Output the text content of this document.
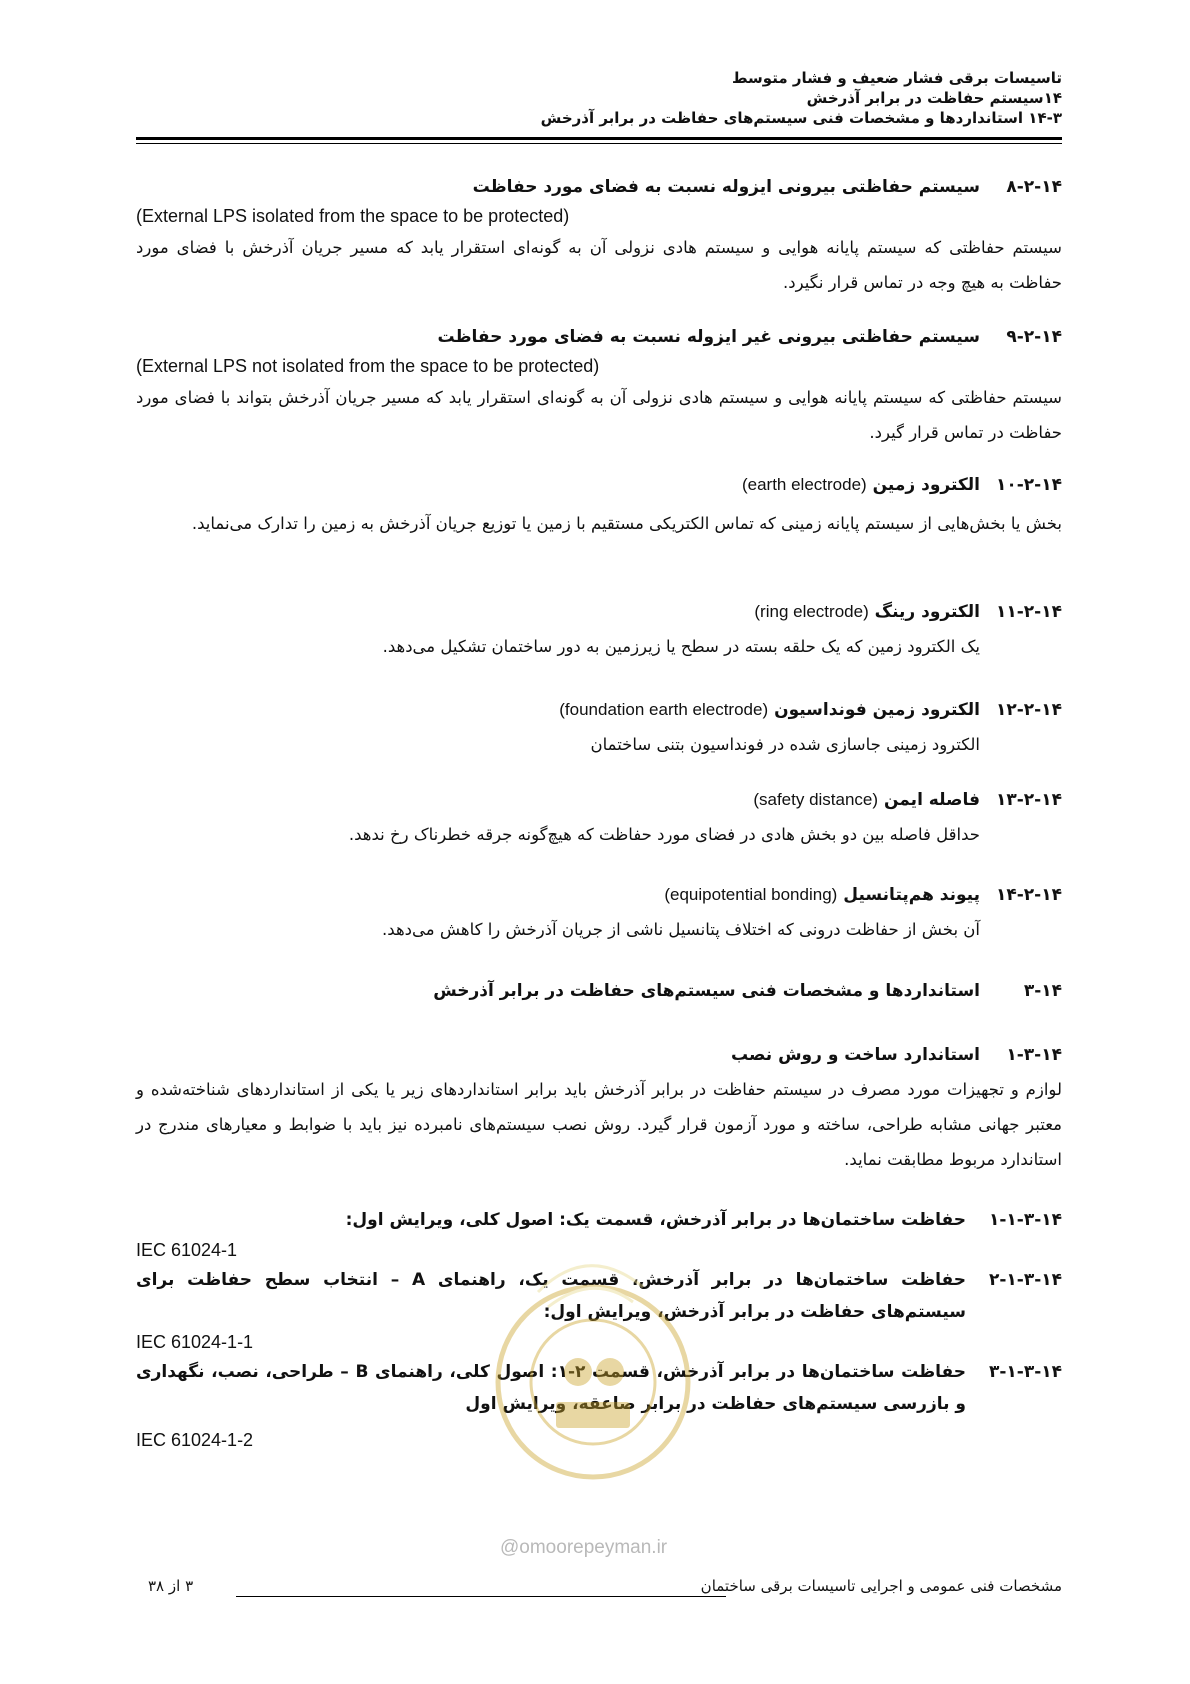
تاسیسات برقی فشار ضعیف و فشار متوسط
۱۴سیستم حفاظت در برابر آذرخش
۱۴-۳ استانداردها و مشخصات فنی سیستم‌های حفاظت در برابر آذرخش
۸-۲-۱۴
سیستم حفاظتی بیرونی ایزوله نسبت به فضای مورد حفاظت
(External LPS isolated from the space to be protected)
سیستم حفاظتی که سیستم پایانه هوایی و سیستم هادی نزولی آن به گونه‌ای استقرار یابد که مسیر جریان آذرخش با فضای مورد حفاظت به هیچ وجه در تماس قرار نگیرد.
۹-۲-۱۴
سیستم حفاظتی بیرونی غیر ایزوله نسبت به فضای مورد حفاظت
(External LPS not isolated from the space to be protected)
سیستم حفاظتی که سیستم پایانه هوایی و سیستم هادی نزولی آن به گونه‌ای استقرار یابد که مسیر جریان آذرخش بتواند با فضای مورد حفاظت در تماس قرار گیرد.
۱۰-۲-۱۴
الکترود زمین (earth electrode)
بخش یا بخش‌هایی از سیستم پایانه زمینی که تماس الکتریکی مستقیم با زمین یا توزیع جریان آذرخش به زمین را تدارک می‌نماید.
۱۱-۲-۱۴
الکترود رینگ (ring electrode)
یک الکترود زمین که یک حلقه بسته در سطح یا زیرزمین به دور ساختمان تشکیل می‌دهد.
۱۲-۲-۱۴
الکترود زمین فونداسیون (foundation earth electrode)
الکترود زمینی جاسازی شده در فونداسیون بتنی ساختمان
۱۳-۲-۱۴
فاصله ایمن (safety distance)
حداقل فاصله بین دو بخش هادی در فضای مورد حفاظت که هیچ‌گونه جرقه خطرناک رخ ندهد.
۱۴-۲-۱۴
پیوند هم‌پتانسیل (equipotential bonding)
آن بخش از حفاظت درونی که اختلاف پتانسیل ناشی از جریان آذرخش را کاهش می‌دهد.
۳-۱۴
استانداردها و مشخصات فنی سیستم‌های حفاظت در برابر آذرخش
۱-۳-۱۴
استاندارد ساخت و روش نصب
لوازم و تجهیزات مورد مصرف در سیستم حفاظت در برابر آذرخش باید برابر استانداردهای زیر یا یکی از استانداردهای شناخته‌شده و معتبر جهانی مشابه طراحی، ساخته و مورد آزمون قرار گیرد. روش نصب سیستم‌های نامبرده نیز باید با ضوابط و معیارهای مندرج در استاندارد مربوط مطابقت نماید.
۱-۱-۳-۱۴
حفاظت ساختمان‌ها در برابر آذرخش، قسمت یک: اصول کلی، ویرایش اول:
IEC 61024-1
۲-۱-۳-۱۴
حفاظت ساختمان‌ها در برابر آذرخش، قسمت یک، راهنمای A – انتخاب سطح حفاظت برای سیستم‌های حفاظت در برابر آذرخش، ویرایش اول:
IEC 61024-1-1
۳-۱-۳-۱۴
حفاظت ساختمان‌ها در برابر آذرخش، قسمت ۲-۱: اصول کلی، راهنمای B – طراحی، نصب، نگهداری و بازرسی سیستم‌های حفاظت در برابر صاعقه، ویرایش اول
IEC 61024-1-2
@omoorepeyman.ir
مشخصات فنی عمومی و اجرایی تاسیسات برقی ساختمان
۳ از ۳۸
